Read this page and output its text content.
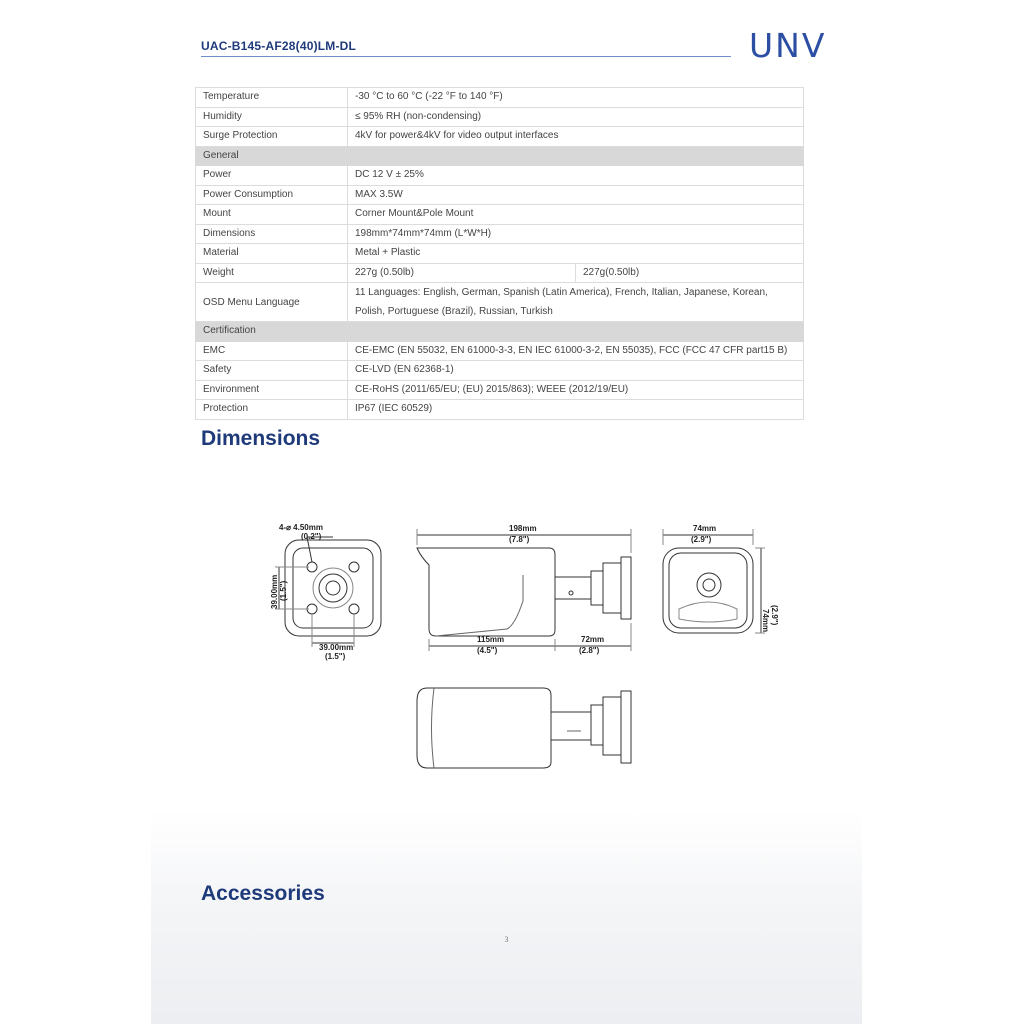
UAC-B145-AF28(40)LM-DL	UNV
Temperature	-30 °C to 60 °C (-22 °F to 140 °F)	
Humidity	≤ 95% RH (non-condensing)	
Surge Protection	4kV for power&4kV for video output interfaces	
General		
Power	DC 12 V ± 25%	
Power Consumption	MAX 3.5W	
Mount	Corner Mount&Pole Mount	
Dimensions	198mm*74mm*74mm (L*W*H)	
Material	Metal + Plastic	
Weight	227g (0.50lb)	227g(0.50lb)
OSD Menu Language	11 Languages: English, German, Spanish (Latin America), French, Italian, Japanese, Korean,
Polish, Portuguese (Brazil), Russian, Turkish	

Certification		
EMC	CE-EMC (EN 55032, EN 61000-3-3, EN IEC 61000-3-2, EN 55035), FCC (FCC 47 CFR part15 B)	
Safety	CE-LVD (EN 62368-1)	
Environment	CE-RoHS (2011/65/EU; (EU) 2015/863); WEEE (2012/19/EU)	
Protection	IP67 (IEC 60529)	
Dimensions
4-⌀ 4.50mm
(0.2")
39.00mm (1.5")
39.00mm
(1.5")
198mm
(7.8")
115mm
(4.5")
72mm
(2.8")
74mm
(2.9")
74mm (2.9")
Accessories
3
